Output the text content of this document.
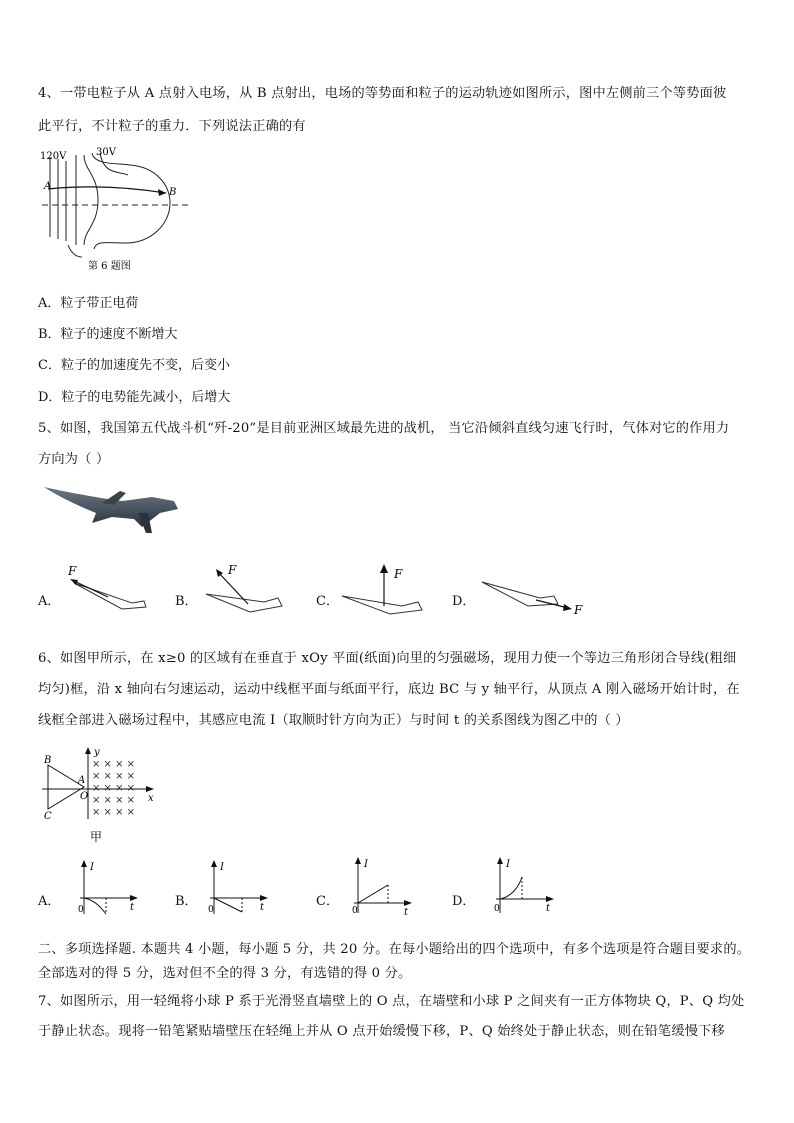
4、一带电粒子从 A 点射入电场，从 B 点射出，电场的等势面和粒子的运动轨迹如图所示，图中左侧前三个等势面彼
此平行，不计粒子的重力．下列说法正确的有
120V	30V
A
B
第 6 题图
A．粒子带正电荷
B．粒子的速度不断增大
C．粒子的加速度先不变，后变小
D．粒子的电势能先减小，后增大
5、如图，我国第五代战斗机“歼-20”是目前亚洲区域最先进的战机， 当它沿倾斜直线匀速飞行时，气体对它的作用力
方向为（ ）
A．
F
B．
F
C．
F
D．
F
6、如图甲所示，在 x≥0 的区域有在垂直于 xOy 平面(纸面)向里的匀强磁场，现用力使一个等边三角形闭合导线(粗细
均匀)框，沿 x 轴向右匀速运动，运动中线框平面与纸面平行，底边 BC 与 y 轴平行，从顶点 A 刚入磁场开始计时，在
线框全部进入磁场过程中，其感应电流 I（取顺时针方向为正）与时间 t 的关系图线为图乙中的（ ）
y
x
B
A
C
O
× × × ×
× × × ×
× × × ×
× × × ×
× × × ×
甲
A．
I
0	t	B．
I
0	t	C．
I
0	t
D．
I
0	t
二、多项选择题. 本题共 4 小题，每小题 5 分，共 20 分。在每小题给出的四个选项中，有多个选项是符合题目要求的。
全部选对的得 5 分，选对但不全的得 3 分，有选错的得 0 分。
7、如图所示，用一轻绳将小球 P 系于光滑竖直墙壁上的 O 点，在墙壁和小球 P 之间夹有一正方体物块 Q，P、Q 均处
于静止状态。现将一铅笔紧贴墙壁压在轻绳上并从 O 点开始缓慢下移，P、Q 始终处于静止状态，则在铅笔缓慢下移
